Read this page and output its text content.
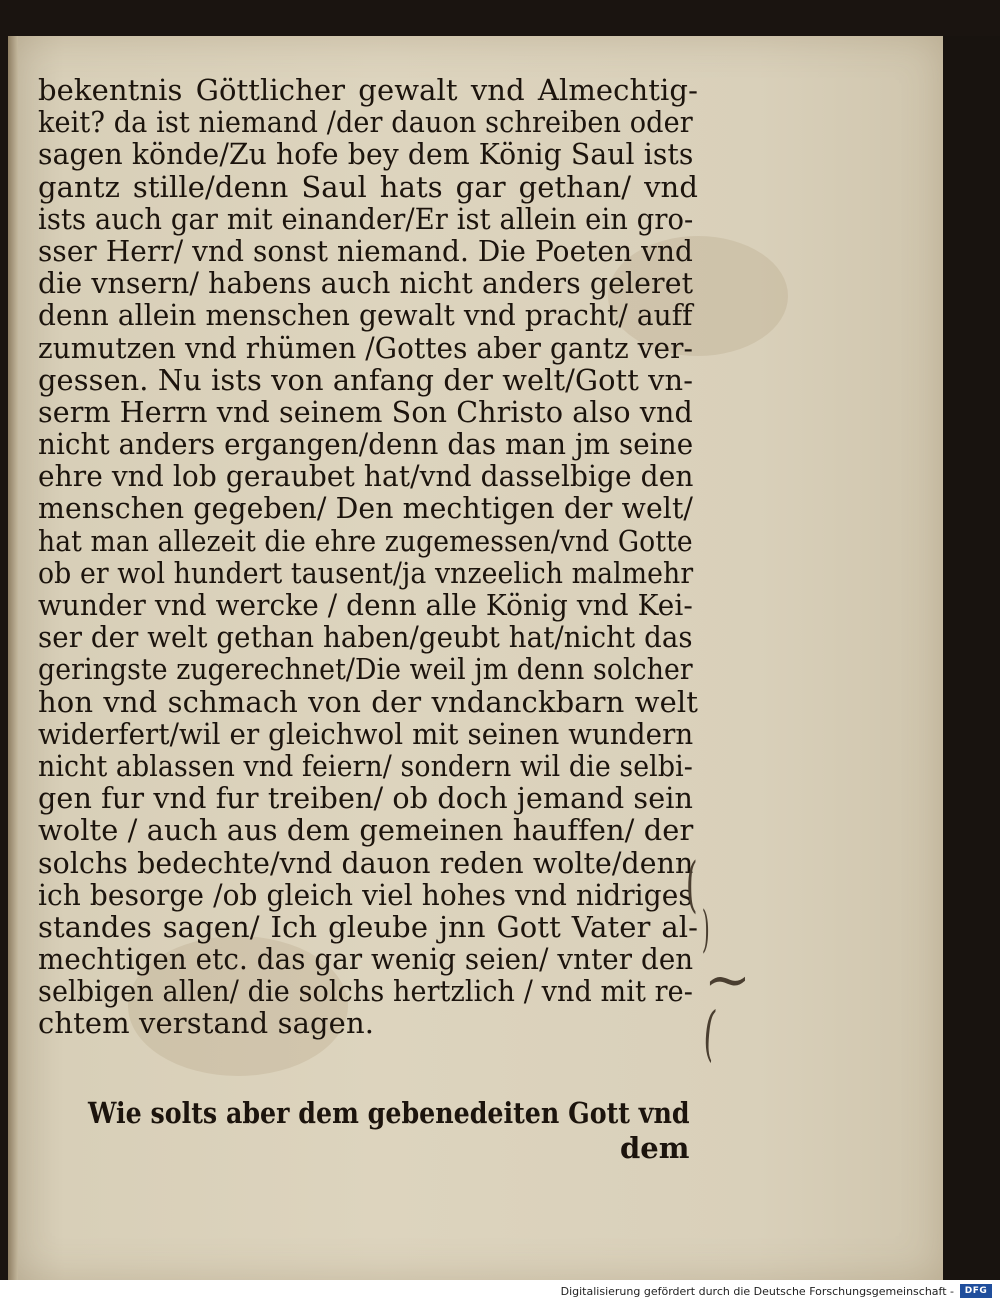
bekentnis Göttlicher gewalt vnd Almechtig-
keit? da ist niemand /der dauon schreiben oder
sagen könde/Zu hofe bey dem König Saul ists
gantz stille/denn Saul hats gar gethan/ vnd
ists auch gar mit einander/Er ist allein ein gro-
sser Herr/ vnd sonst niemand. Die Poeten vnd
die vnsern/ habens auch nicht anders geleret
denn allein menschen gewalt vnd pracht/ auff
zumutzen vnd rhümen /Gottes aber gantz ver-
gessen. Nu ists von anfang der welt/Gott vn-
serm Herrn vnd seinem Son Christo also vnd
nicht anders ergangen/denn das man jm seine
ehre vnd lob geraubet hat/vnd dasselbige den
menschen gegeben/ Den mechtigen der welt/
hat man allezeit die ehre zugemessen/vnd Gotte
ob er wol hundert tausent/ja vnzeelich malmehr
wunder vnd wercke / denn alle König vnd Kei-
ser der welt gethan haben/geubt hat/nicht das
geringste zugerechnet/Die weil jm denn solcher
hon vnd schmach von der vndanckbarn welt
widerfert/wil er gleichwol mit seinen wundern
nicht ablassen vnd feiern/ sondern wil die selbi-
gen fur vnd fur treiben/ ob doch jemand sein
wolte / auch aus dem gemeinen hauffen/ der
solchs bedechte/vnd dauon reden wolte/denn
ich besorge /ob gleich viel hohes vnd nidriges
standes sagen/ Ich gleube jnn Gott Vater al-
mechtigen etc. das gar wenig seien/ vnter den
selbigen allen/ die solchs hertzlich / vnd mit re-
chtem verstand sagen.
Wie solts aber dem gebenedeiten Gott vnd
dem
(
)
~
(
Digitalisierung gefördert durch die Deutsche Forschungsgemeinschaft -	DFG
